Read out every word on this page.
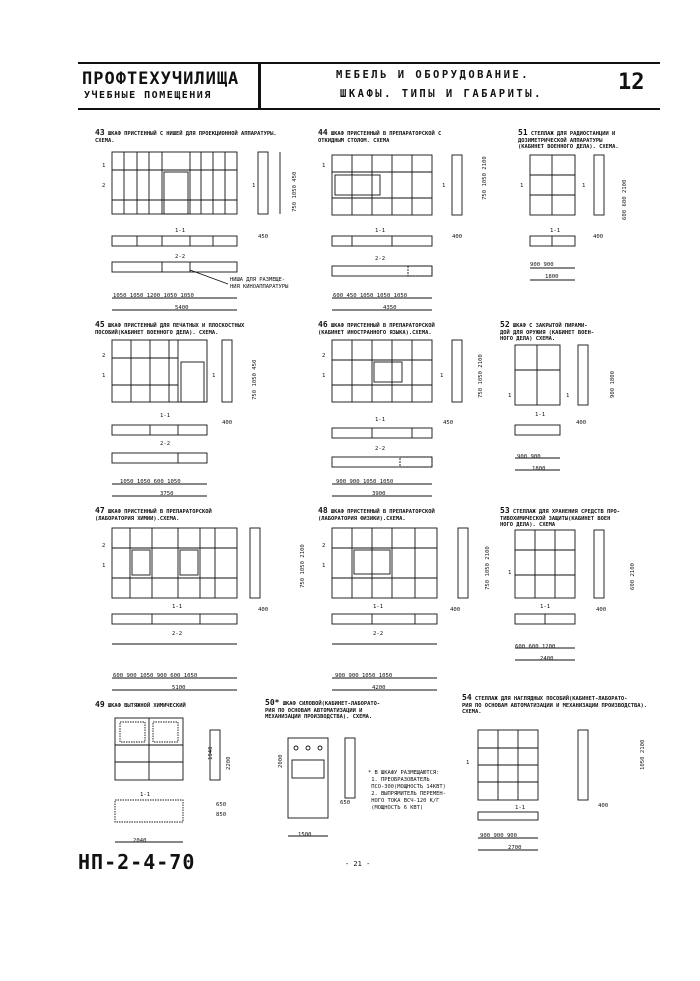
ПРОФТЕХУЧИЛИЩА
УЧЕБНЫЕ ПОМЕЩЕНИЯ
МЕБЕЛЬ И ОБОРУДОВАНИЕ.
ШКАФЫ. ТИПЫ И ГАБАРИТЫ.	12
43 ШКАФ ПРИСТЕННЫЙ С НИШЕЙ ДЛЯ ПРОЕКЦИОННОЙ АППАРАТУРЫ.
СХЕМА.
44 ШКАФ ПРИСТЕННЫЙ В ПРЕПАРАТОРСКОЙ С
ОТКИДНЫМ СТОЛОМ. СХЕМА
51 СТЕЛЛАЖ ДЛЯ РАДИОСТАНЦИИ И
ДОЗИМЕТРИЧЕСКОЙ АППАРАТУРЫ
(КАБИНЕТ ВОЕННОГО ДЕЛА). СХЕМА.
45 ШКАФ ПРИСТЕННЫЙ ДЛЯ ПЕЧАТНЫХ И ПЛОСКОСТНЫХ
ПОСОБИЙ(КАБИНЕТ ВОЕННОГО ДЕЛА). СХЕМА.
46 ШКАФ ПРИСТЕННЫЙ В ПРЕПАРАТОРСКОЙ
(КАБИНЕТ ИНОСТРАННОГО ЯЗЫКА).СХЕМА.
52 ШКАФ С ЗАКРЫТОЙ ПИРАМИ-
ДОЙ ДЛЯ ОРУЖИЯ (КАБИНЕТ ВОЕН-
НОГО ДЕЛА) СХЕМА.
47 ШКАФ ПРИСТЕННЫЙ В ПРЕПАРАТОРСКОЙ
(ЛАБОРАТОРИЯ ХИМИИ).СХЕМА.
48 ШКАФ ПРИСТЕННЫЙ В ПРЕПАРАТОРСКОЙ
(ЛАБОРАТОРИЯ ФИЗИКИ).СХЕМА.
53 СТЕЛЛАЖ ДЛЯ ХРАНЕНИЯ СРЕДСТВ ПРО-
ТИВОХИМИЧЕСКОЙ ЗАЩИТЫ(КАБИНЕТ ВОЕН
НОГО ДЕЛА). СХЕМА
49 ШКАФ ВЫТЯЖНОЙ ХИМИЧЕСКИЙ	50* ШКАФ СИЛОВОЙ(КАБИНЕТ-ЛАБОРАТО-
РИЯ ПО ОСНОВАМ АВТОМАТИЗАЦИИ И
МЕХАНИЗАЦИИ ПРОИЗВОДСТВА). СХЕМА.
54 СТЕЛЛАЖ ДЛЯ НАГЛЯДНЫХ ПОСОБИЙ(КАБИНЕТ-ЛАБОРАТО-
РИЯ ПО ОСНОВАМ АВТОМАТИЗАЦИИ И МЕХАНИЗАЦИИ ПРОИЗВОДСТВА).
СХЕМА.
* В ШКАФУ РАЗМЕЩАЮТСЯ:
1. ПРЕОБРАЗОВАТЕЛЬ
ПСО-300(МОЩНОСТЬ 14КВТ)
2. ВЫПРЯМИТЕЛЬ ПЕРЕМЕН-
НОГО ТОКА ВСЧ-120 К/Г
(МОЩНОСТЬ 6 КВТ)
НИША ДЛЯ РАЗМЕЩЕ-
НИЯ КИНОАППАРАТУРЫ
1050 1050 1200 1050 1050
5400
450
750 1050 450
600 450 1050 1050 1050
4350
400
750 1050 2100
900 900
1800
400
600 600 2100
1050 1050 600 1050
3750
400
750 1050 450
900 900 1050 1050
3900
450
750 1050 2100
900 900
1800
400
900 1800
600 900 1050 900 600 1050
5100
400
750 1050 2100
900 900 1050 1050
4200
400
750 1050 2100
600 600 1200
2400
400
600 2100
1940
2200
2040
850
650
1500
2000
650
900 900 900
2700
400
1050 2100
1-1
2-2
1-1
2-2
1-1
1-1
2-2
1-1
2-2
1-1
1-1
2-2
1-1
2-2
1-1
1-1
1-1
1
2	1
1
1	1	1
2
1	1
2
1	1
1	1
2
1
2
1
1
1
НП-2-4-70	- 21 -
